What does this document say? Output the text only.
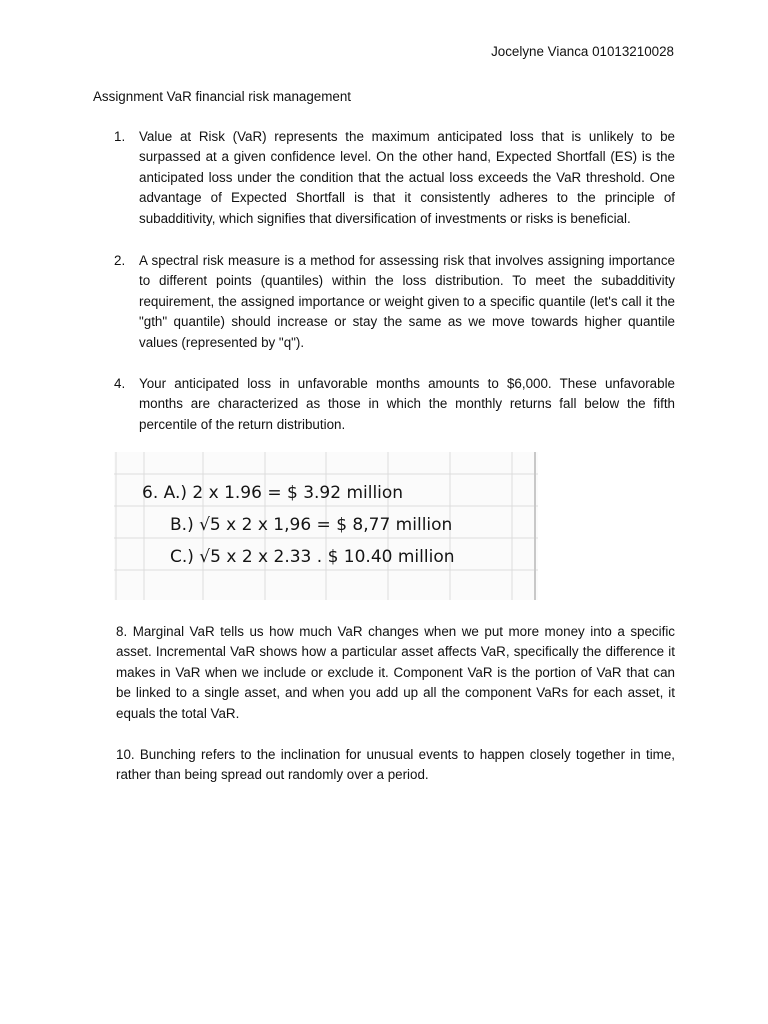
Jocelyne Vianca 01013210028
Assignment VaR financial risk management
1. Value at Risk (VaR) represents the maximum anticipated loss that is unlikely to be surpassed at a given confidence level. On the other hand, Expected Shortfall (ES) is the anticipated loss under the condition that the actual loss exceeds the VaR threshold. One advantage of Expected Shortfall is that it consistently adheres to the principle of subadditivity, which signifies that diversification of investments or risks is beneficial.
2. A spectral risk measure is a method for assessing risk that involves assigning importance to different points (quantiles) within the loss distribution. To meet the subadditivity requirement, the assigned importance or weight given to a specific quantile (let's call it the "gth" quantile) should increase or stay the same as we move towards higher quantile values (represented by "q").
4. Your anticipated loss in unfavorable months amounts to $6,000. These unfavorable months are characterized as those in which the monthly returns fall below the fifth percentile of the return distribution.
6. A.) 2 x 1.96 = $ 3.92 million
B.) √5 x 2 x 1,96 = $ 8,77 million
C.) √5 x 2 x 2.33 . $ 10.40 million
8. Marginal VaR tells us how much VaR changes when we put more money into a specific asset. Incremental VaR shows how a particular asset affects VaR, specifically the difference it makes in VaR when we include or exclude it. Component VaR is the portion of VaR that can be linked to a single asset, and when you add up all the component VaRs for each asset, it equals the total VaR.
10. Bunching refers to the inclination for unusual events to happen closely together in time, rather than being spread out randomly over a period.
